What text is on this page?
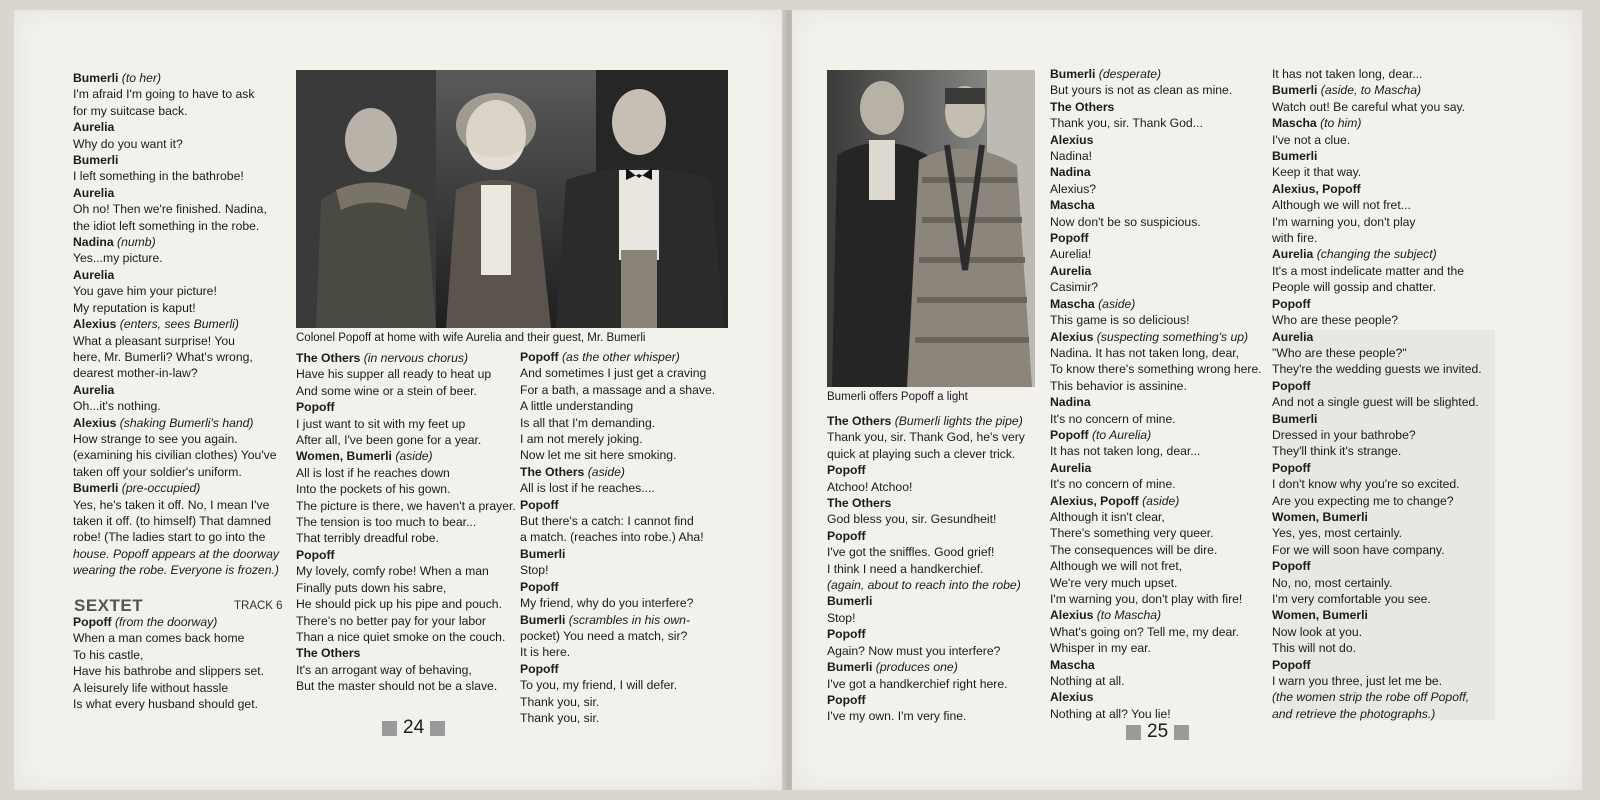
Bumerli (to her)
I'm afraid I'm going to have to ask
for my suitcase back.
Aurelia
Why do you want it?
Bumerli
I left something in the bathrobe!
Aurelia
Oh no! Then we're finished. Nadina,
the idiot left something in the robe.
Nadina (numb)
Yes...my picture.
Aurelia
You gave him your picture!
My reputation is kaput!
Alexius (enters, sees Bumerli)
What a pleasant surprise! You
here, Mr. Bumerli? What's wrong,
dearest mother-in-law?
Aurelia
Oh...it's nothing.
Alexius (shaking Bumerli's hand)
How strange to see you again.
(examining his civilian clothes) You've
taken off your soldier's uniform.
Bumerli (pre-occupied)
Yes, he's taken it off. No, I mean I've
taken it off. (to himself) That damned
robe! (The ladies start to go into the
house. Popoff appears at the doorway
wearing the robe. Everyone is frozen.)
SEXTET	TRACK 6
Popoff (from the doorway)
When a man comes back home
To his castle,
Have his bathrobe and slippers set.
A leisurely life without hassle
Is what every husband should get.
Colonel Popoff at home with wife Aurelia and their guest, Mr. Bumerli
The Others (in nervous chorus)
Have his supper all ready to heat up
And some wine or a stein of beer.
Popoff
I just want to sit with my feet up
After all, I've been gone for a year.
Women, Bumerli (aside)
All is lost if he reaches down
Into the pockets of his gown.
The picture is there, we haven't a prayer.
The tension is too much to bear...
That terribly dreadful robe.
Popoff
My lovely, comfy robe! When a man
Finally puts down his sabre,
He should pick up his pipe and pouch.
There's no better pay for your labor
Than a nice quiet smoke on the couch.
The Others
It's an arrogant way of behaving,
But the master should not be a slave.
Popoff (as the other whisper)
And sometimes I just get a craving
For a bath, a massage and a shave.
A little understanding
Is all that I'm demanding.
I am not merely joking.
Now let me sit here smoking.
The Others (aside)
All is lost if he reaches....
Popoff
But there's a catch: I cannot find
a match. (reaches into robe.) Aha!
Bumerli
Stop!
Popoff
My friend, why do you interfere?
Bumerli (scrambles in his own-
pocket) You need a match, sir?
It is here.
Popoff
To you, my friend, I will defer.
Thank you, sir.
Thank you, sir.
24
Bumerli offers Popoff a light
The Others (Bumerli lights the pipe)
Thank you, sir. Thank God, he's very
quick at playing such a clever trick.
Popoff
Atchoo! Atchoo!
The Others
God bless you, sir. Gesundheit!
Popoff
I've got the sniffles. Good grief!
I think I need a handkerchief.
(again, about to reach into the robe)
Bumerli
Stop!
Popoff
Again? Now must you interfere?
Bumerli (produces one)
I've got a handkerchief right here.
Popoff
I've my own. I'm very fine.
Bumerli (desperate)
But yours is not as clean as mine.
The Others
Thank you, sir. Thank God...
Alexius
Nadina!
Nadina
Alexius?
Mascha
Now don't be so suspicious.
Popoff
Aurelia!
Aurelia
Casimir?
Mascha (aside)
This game is so delicious!
Alexius (suspecting something's up)
Nadina. It has not taken long, dear,
To know there's something wrong here.
This behavior is assinine.
Nadina
It's no concern of mine.
Popoff (to Aurelia)
It has not taken long, dear...
Aurelia
It's no concern of mine.
Alexius, Popoff (aside)
Although it isn't clear,
There's something very queer.
The consequences will be dire.
Although we will not fret,
We're very much upset.
I'm warning you, don't play with fire!
Alexius (to Mascha)
What's going on? Tell me, my dear.
Whisper in my ear.
Mascha
Nothing at all.
Alexius
Nothing at all? You lie!
It has not taken long, dear...
Bumerli (aside, to Mascha)
Watch out! Be careful what you say.
Mascha (to him)
I've not a clue.
Bumerli
Keep it that way.
Alexius, Popoff
Although we will not fret...
I'm warning you, don't play
with fire.
Aurelia (changing the subject)
It's a most indelicate matter and the
People will gossip and chatter.
Popoff
Who are these people?
Aurelia
"Who are these people?"
They're the wedding guests we invited.
Popoff
And not a single guest will be slighted.
Bumerli
Dressed in your bathrobe?
They'll think it's strange.
Popoff
I don't know why you're so excited.
Are you expecting me to change?
Women, Bumerli
Yes, yes, most certainly.
For we will soon have company.
Popoff
No, no, most certainly.
I'm very comfortable you see.
Women, Bumerli
Now look at you.
This will not do.
Popoff
I warn you three, just let me be.
(the women strip the robe off Popoff,
and retrieve the photographs.)
25
